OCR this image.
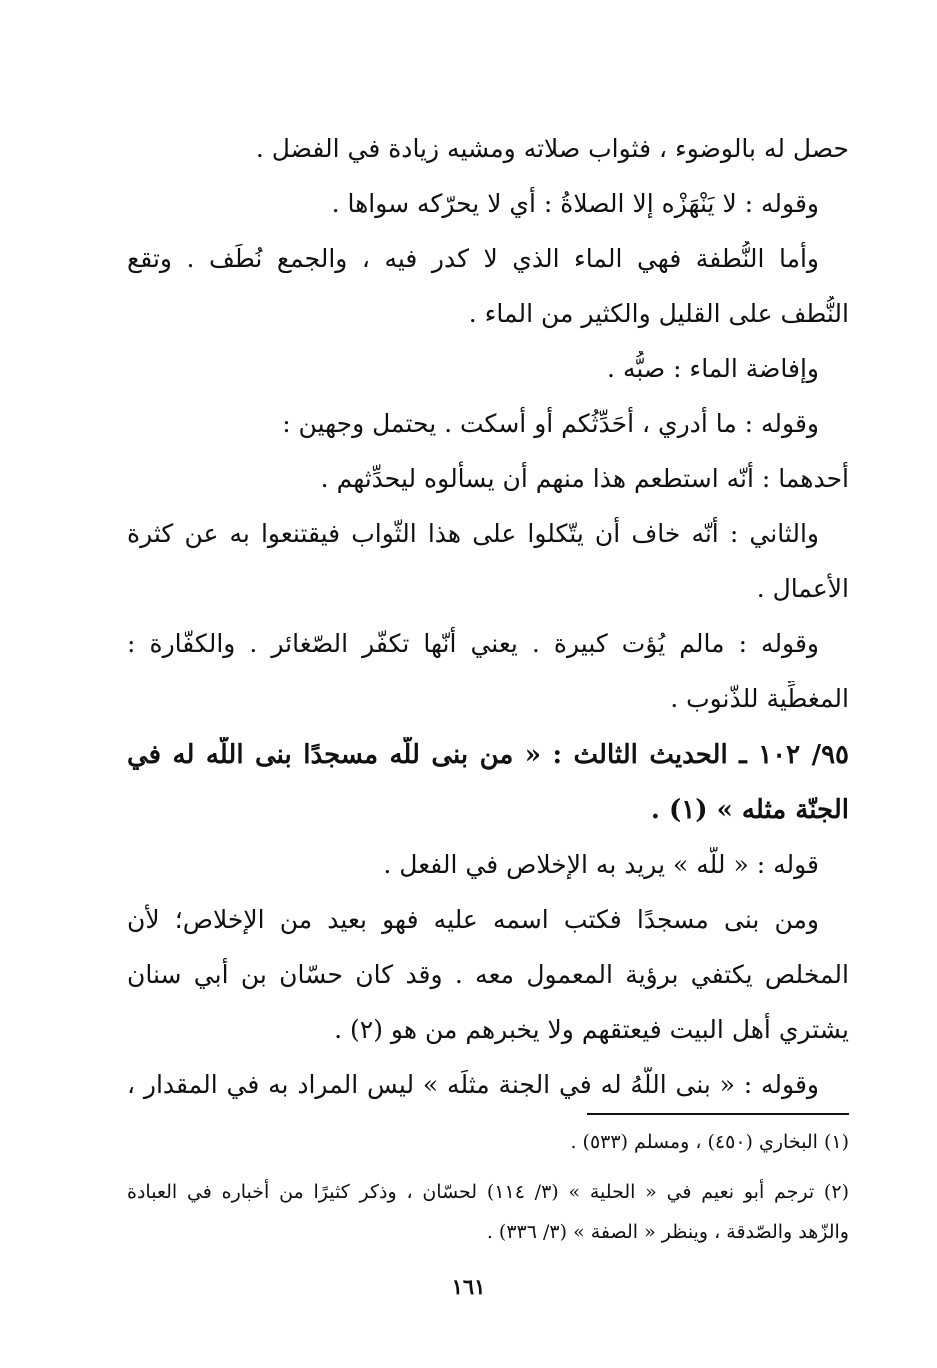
حصل له بالوضوء ، فثواب صلاته ومشيه زيادة في الفضل .
وقوله : لا يَنْهَزْه إلا الصلاةُ : أي لا يحرّكه سواها .
وأما النُّطفة فهي الماء الذي لا كدر فيه ، والجمع نُطَف . وتقع
النُّطف على القليل والكثير من الماء .
وإفاضة الماء : صبُّه .
وقوله : ما أدري ، أُحَدِّثُكم أو أسكت . يحتمل وجهين :
أحدهما : أنّه استطعم هذا منهم أن يسألوه ليحدِّثهم .
والثاني : أنّه خاف أن يتّكلوا على هذا الثّواب فيقتنعوا به عن كثرة
الأعمال .
وقوله : مالم يُؤت كبيرة . يعني أنّها تكفّر الصّغائر . والكفّارة :
المغطِّية للذّنوب .
٩٥/ ١٠٢ ـ الحديث الثالث : « من بنى للّه مسجدًا بنى اللّه له في
الجنّة مثله » (١) .
قوله : « للّه » يريد به الإخلاص في الفعل .
ومن بنى مسجدًا فكتب اسمه عليه فهو بعيد من الإخلاص؛ لأن
المخلص يكتفي برؤية المعمول معه . وقد كان حسّان بن أبي سنان
يشتري أهل البيت فيعتقهم ولا يخبرهم من هو (٢) .
وقوله : « بنى اللّهُ له في الجنة مثلَه » ليس المراد به في المقدار ،
(١) البخاري (٤٥٠) ، ومسلم (٥٣٣) .
(٢) ترجم أبو نعيم في « الحلية » (٣/ ١١٤) لحسّان ، وذكر كثيرًا من أخباره في العبادة
والزّهد والصّدقة ، وينظر « الصفة » (٣/ ٣٣٦) .
١٦١
